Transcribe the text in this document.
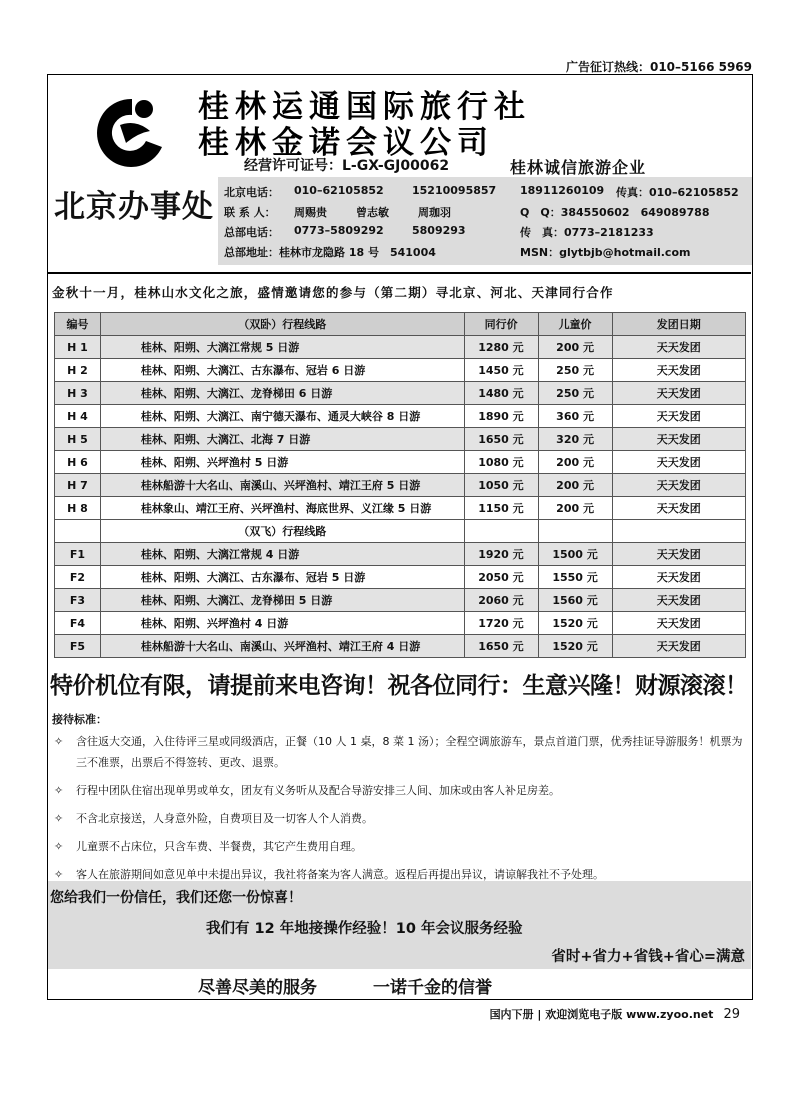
广告征订热线：010–5166 5969
桂林运通国际旅行社
桂林金诺会议公司
经营许可证号：L-GX-GJ00062	桂林诚信旅游企业
北京办事处 北京电话： 010–62105852	15210095857 18911260109 传真：010–62105852
联 系 人： 周赐贵	曾志敏	周珈羽	Q　Q：384550602　649089788
总部电话： 0773–5809292	5809293	传　真：0773–2181233
总部地址：桂林市龙隐路 18 号　541004	MSN：glytbjb@hotmail.com
金秋十一月，桂林山水文化之旅，盛情邀请您的参与（第二期）寻北京、河北、天津同行合作
编号	（双卧）行程线路	同行价	儿童价	发团日期
H 1	桂林、阳朔、大漓江常规 5 日游	1280 元	200 元	天天发团
H 2	桂林、阳朔、大漓江、古东瀑布、冠岩 6 日游	1450 元	250 元	天天发团
H 3	桂林、阳朔、大漓江、龙脊梯田 6 日游	1480 元	250 元	天天发团
H 4	桂林、阳朔、大漓江、南宁德天瀑布、通灵大峡谷 8 日游	1890 元	360 元	天天发团
H 5	桂林、阳朔、大漓江、北海 7 日游	1650 元	320 元	天天发团
H 6	桂林、阳朔、兴坪渔村 5 日游	1080 元	200 元	天天发团
H 7	桂林船游十大名山、南溪山、兴坪渔村、靖江王府 5 日游	1050 元	200 元	天天发团
H 8	桂林象山、靖江王府、兴坪渔村、海底世界、义江缘 5 日游	1150 元	200 元	天天发团
	（双飞）行程线路			
F1	桂林、阳朔、大漓江常规 4 日游	1920 元	1500 元	天天发团
F2	桂林、阳朔、大漓江、古东瀑布、冠岩 5 日游	2050 元	1550 元	天天发团
F3	桂林、阳朔、大漓江、龙脊梯田 5 日游	2060 元	1560 元	天天发团
F4	桂林、阳朔、兴坪渔村 4 日游	1720 元	1520 元	天天发团
F5	桂林船游十大名山、南溪山、兴坪渔村、靖江王府 4 日游	1650 元	1520 元	天天发团
特价机位有限，请提前来电咨询！祝各位同行：生意兴隆！财源滚滚！
接待标准：
✧ 含往返大交通，入住待评三星或同级酒店，正餐（10 人 1 桌，8 菜 1 汤）；全程空调旅游车，景点首道门票，优秀挂证导游服务！机票为三不准票，出票后不得签转、更改、退票。
✧ 行程中团队住宿出现单男或单女，团友有义务听从及配合导游安排三人间、加床或由客人补足房差。
✧ 不含北京接送，人身意外险，自费项目及一切客人个人消费。
✧ 儿童票不占床位，只含车费、半餐费，其它产生费用自理。
✧ 客人在旅游期间如意见单中未提出异议，我社将备案为客人满意。返程后再提出异议，请谅解我社不予处理。
您给我们一份信任，我们还您一份惊喜！
我们有 12 年地接操作经验！10 年会议服务经验
省时+省力+省钱+省心=满意
尽善尽美的服务	一诺千金的信誉
国内下册 | 欢迎浏览电子版 www.zyoo.net 29
